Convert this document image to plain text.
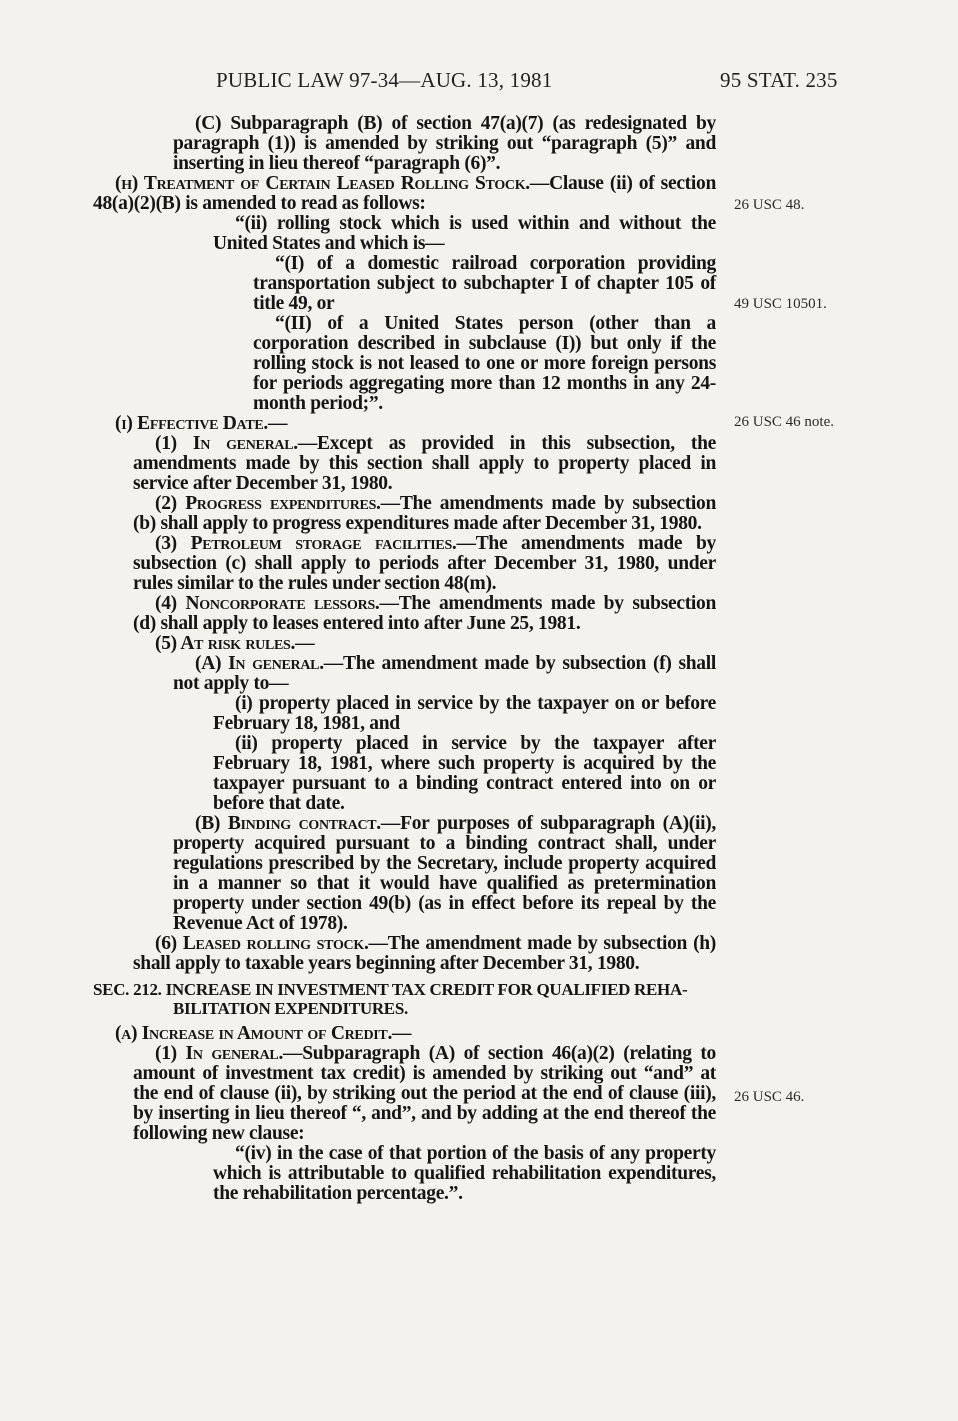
PUBLIC LAW 97-34—AUG. 13, 1981	95 STAT. 235

(C) Subparagraph (B) of section 47(a)(7) (as redesignated by paragraph (1)) is amended by striking out “paragraph (5)” and inserting in lieu thereof “paragraph (6)”.

(h) Treatment of Certain Leased Rolling Stock.—Clause (ii) of section 48(a)(2)(B) is amended to read as follows:

“(ii) rolling stock which is used within and without the United States and which is—

“(I) of a domestic railroad corporation providing transportation subject to subchapter I of chapter 105 of title 49, or

“(II) of a United States person (other than a corporation described in subclause (I)) but only if the rolling stock is not leased to one or more foreign persons for periods aggregating more than 12 months in any 24-month period;”.

(i) Effective Date.—

(1) In general.—Except as provided in this subsection, the amendments made by this section shall apply to property placed in service after December 31, 1980.

(2) Progress expenditures.—The amendments made by subsection (b) shall apply to progress expenditures made after December 31, 1980.

(3) Petroleum storage facilities.—The amendments made by subsection (c) shall apply to periods after December 31, 1980, under rules similar to the rules under section 48(m).

(4) Noncorporate lessors.—The amendments made by subsection (d) shall apply to leases entered into after June 25, 1981.

(5) At risk rules.—

(A) In general.—The amendment made by subsection (f) shall not apply to—

(i) property placed in service by the taxpayer on or before February 18, 1981, and

(ii) property placed in service by the taxpayer after February 18, 1981, where such property is acquired by the taxpayer pursuant to a binding contract entered into on or before that date.

(B) Binding contract.—For purposes of subparagraph (A)(ii), property acquired pursuant to a binding contract shall, under regulations prescribed by the Secretary, include property acquired in a manner so that it would have qualified as pretermination property under section 49(b) (as in effect before its repeal by the Revenue Act of 1978).

(6) Leased rolling stock.—The amendment made by subsection (h) shall apply to taxable years beginning after December 31, 1980.

SEC. 212. INCREASE IN INVESTMENT TAX CREDIT FOR QUALIFIED REHA-
BILITATION EXPENDITURES.

(a) Increase in Amount of Credit.—

(1) In general.—Subparagraph (A) of section 46(a)(2) (relating to amount of investment tax credit) is amended by striking out “and” at the end of clause (ii), by striking out the period at the end of clause (iii), by inserting in lieu thereof “, and”, and by adding at the end thereof the following new clause:

“(iv) in the case of that portion of the basis of any property which is attributable to qualified rehabilitation expenditures, the rehabilitation percentage.”.

26 USC 48.
49 USC 10501.
26 USC 46 note.
26 USC 46.
